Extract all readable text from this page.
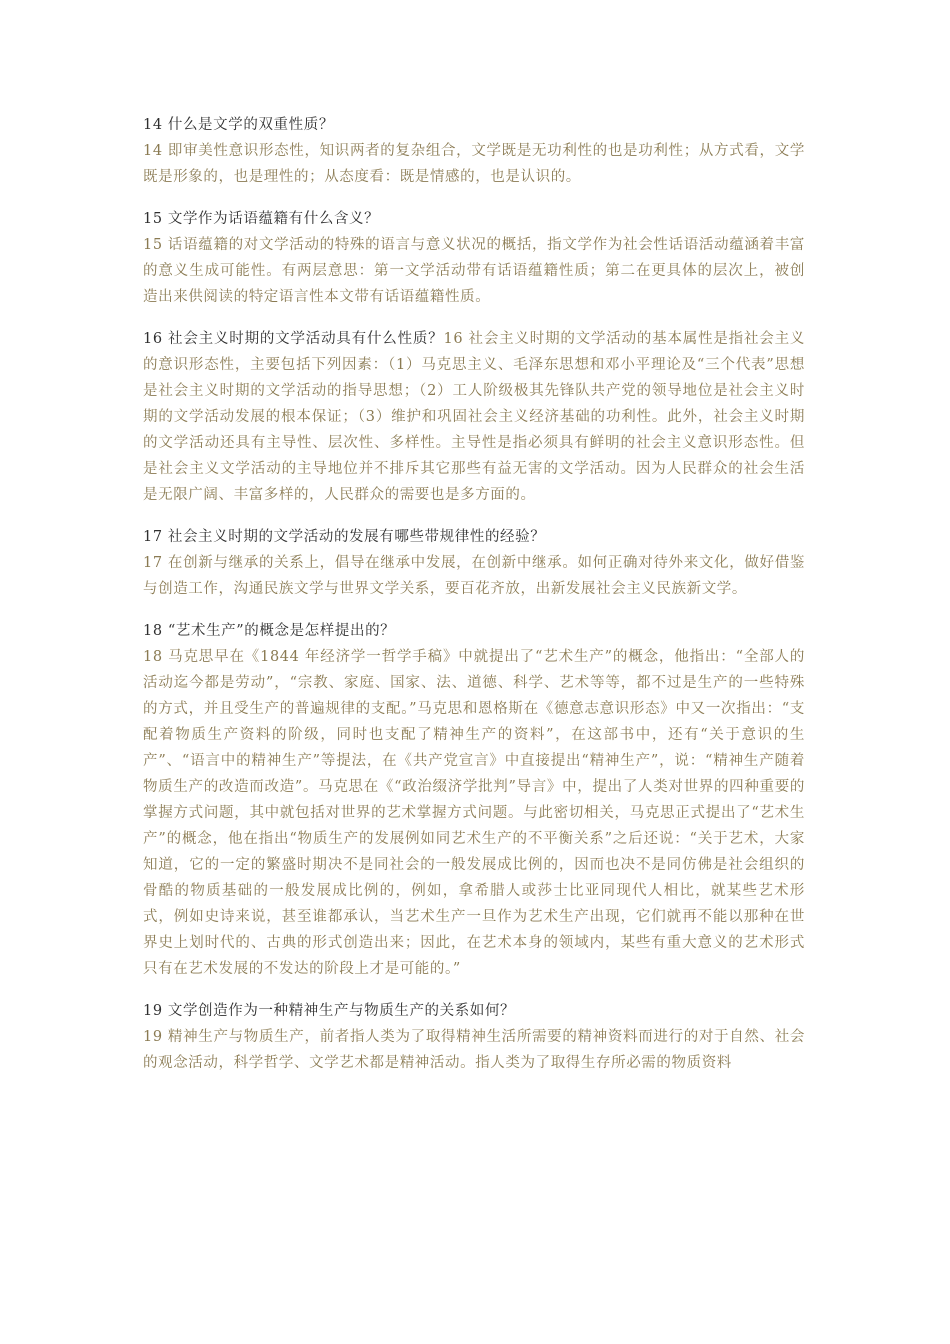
14 什么是文学的双重性质？

14 即审美性意识形态性，知识两者的复杂组合，文学既是无功利性的也是功利性；从方式看，文学既是形象的，也是理性的；从态度看：既是情感的，也是认识的。

15 文学作为话语蕴籍有什么含义？

15 话语蕴籍的对文学活动的特殊的语言与意义状况的概括，指文学作为社会性话语活动蕴涵着丰富的意义生成可能性。有两层意思：第一文学活动带有话语蕴籍性质；第二在更具体的层次上，被创造出来供阅读的特定语言性本文带有话语蕴籍性质。

16 社会主义时期的文学活动具有什么性质？16 社会主义时期的文学活动的基本属性是指社会主义的意识形态性，主要包括下列因素：（1）马克思主义、毛泽东思想和邓小平理论及“三个代表”思想是社会主义时期的文学活动的指导思想；（2）工人阶级极其先锋队共产党的领导地位是社会主义时期的文学活动发展的根本保证；（3）维护和巩固社会主义经济基础的功利性。此外，社会主义时期的文学活动还具有主导性、层次性、多样性。主导性是指必须具有鲜明的社会主义意识形态性。但是社会主义文学活动的主导地位并不排斥其它那些有益无害的文学活动。因为人民群众的社会生活是无限广阔、丰富多样的，人民群众的需要也是多方面的。

17 社会主义时期的文学活动的发展有哪些带规律性的经验？

17 在创新与继承的关系上，倡导在继承中发展，在创新中继承。如何正确对待外来文化，做好借鉴与创造工作，沟通民族文学与世界文学关系，要百花齐放，出新发展社会主义民族新文学。

18 “艺术生产”的概念是怎样提出的？

18 马克思早在《1844 年经济学一哲学手稿》中就提出了“艺术生产”的概念，他指出：“全部人的活动迄今都是劳动”，“宗教、家庭、国家、法、道德、科学、艺术等等，都不过是生产的一些特殊的方式，并且受生产的普遍规律的支配。”马克思和恩格斯在《德意志意识形态》中又一次指出：“支配着物质生产资料的阶级，同时也支配了精神生产的资料”，在这部书中，还有“关于意识的生产”、“语言中的精神生产”等提法，在《共产党宣言》中直接提出“精神生产”，说：“精神生产随着物质生产的改造而改造”。马克思在《“政治缀济学批判”导言》中，提出了人类对世界的四种重要的掌握方式问题，其中就包括对世界的艺术掌握方式问题。与此密切相关，马克思正式提出了“艺术生产”的概念，他在指出“物质生产的发展例如同艺术生产的不平衡关系”之后还说：“关于艺术，大家知道，它的一定的繁盛时期决不是同社会的一般发展成比例的，因而也决不是同仿佛是社会组织的骨酷的物质基础的一般发展成比例的，例如，拿希腊人或莎士比亚同现代人相比，就某些艺术形式，例如史诗来说，甚至谁都承认，当艺术生产一旦作为艺术生产出现，它们就再不能以那种在世界史上划时代的、古典的形式创造出来；因此，在艺术本身的领域内，某些有重大意义的艺术形式只有在艺术发展的不发达的阶段上才是可能的。”

19 文学创造作为一种精神生产与物质生产的关系如何？

19 精神生产与物质生产，前者指人类为了取得精神生活所需要的精神资料而进行的对于自然、社会的观念活动，科学哲学、文学艺术都是精神活动。指人类为了取得生存所必需的物质资料
